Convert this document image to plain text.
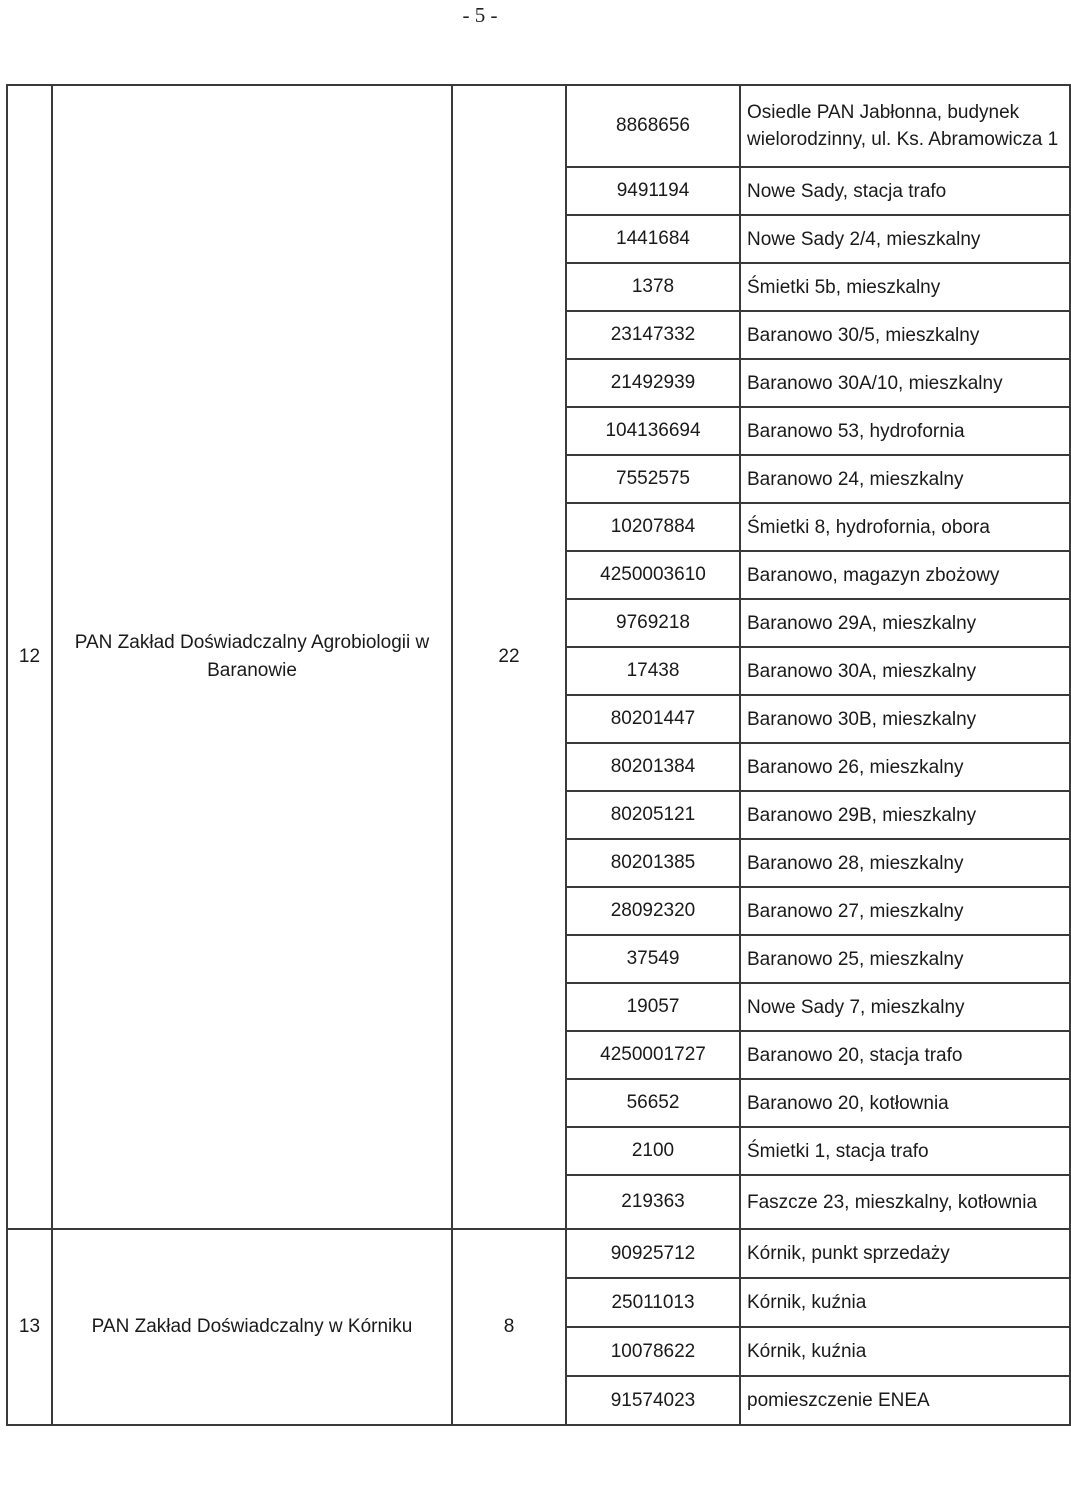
- 5 -
12	PAN Zakład Doświadczalny Agrobiologii w Baranowie	22	8868656	Osiedle PAN Jabłonna, budynek wielorodzinny, ul. Ks. Abramowicza 1
			9491194	Nowe Sady, stacja trafo
			1441684	Nowe Sady 2/4, mieszkalny
			1378	Śmietki 5b, mieszkalny
			23147332	Baranowo 30/5, mieszkalny
			21492939	Baranowo 30A/10, mieszkalny
			104136694	Baranowo 53, hydrofornia
			7552575	Baranowo 24, mieszkalny
			10207884	Śmietki 8, hydrofornia, obora
			4250003610	Baranowo, magazyn zbożowy
			9769218	Baranowo 29A, mieszkalny
			17438	Baranowo 30A, mieszkalny
			80201447	Baranowo 30B, mieszkalny
			80201384	Baranowo 26, mieszkalny
			80205121	Baranowo 29B, mieszkalny
			80201385	Baranowo 28, mieszkalny
			28092320	Baranowo 27, mieszkalny
			37549	Baranowo 25, mieszkalny
			19057	Nowe Sady 7, mieszkalny
			4250001727	Baranowo 20, stacja trafo
			56652	Baranowo 20, kotłownia
			2100	Śmietki 1, stacja trafo
			219363	Faszcze 23, mieszkalny, kotłownia
13	PAN Zakład Doświadczalny w Kórniku	8	90925712	Kórnik, punkt sprzedaży
			25011013	Kórnik, kuźnia
			10078622	Kórnik, kuźnia
			91574023	pomieszczenie ENEA
